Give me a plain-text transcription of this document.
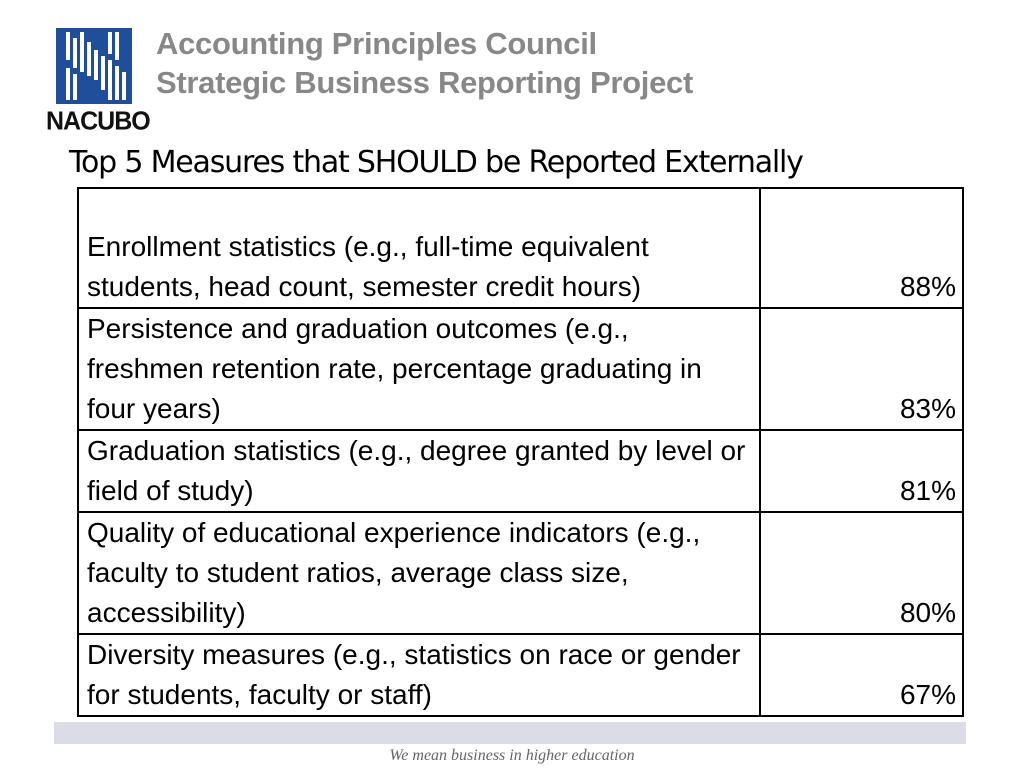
NACUBO
Accounting Principles Council
Strategic Business Reporting Project
Top 5 Measures that SHOULD be Reported Externally
Enrollment statistics (e.g., full-time equivalent students, head count, semester credit hours)	88%
Persistence and graduation outcomes (e.g., freshmen retention rate, percentage graduating in four years)	83%
Graduation statistics (e.g., degree granted by level or field of study)	81%
Quality of educational experience indicators (e.g., faculty to student ratios, average class size, accessibility)	80%
Diversity measures (e.g., statistics on race or gender for students, faculty or staff)	67%
We mean business in higher education
